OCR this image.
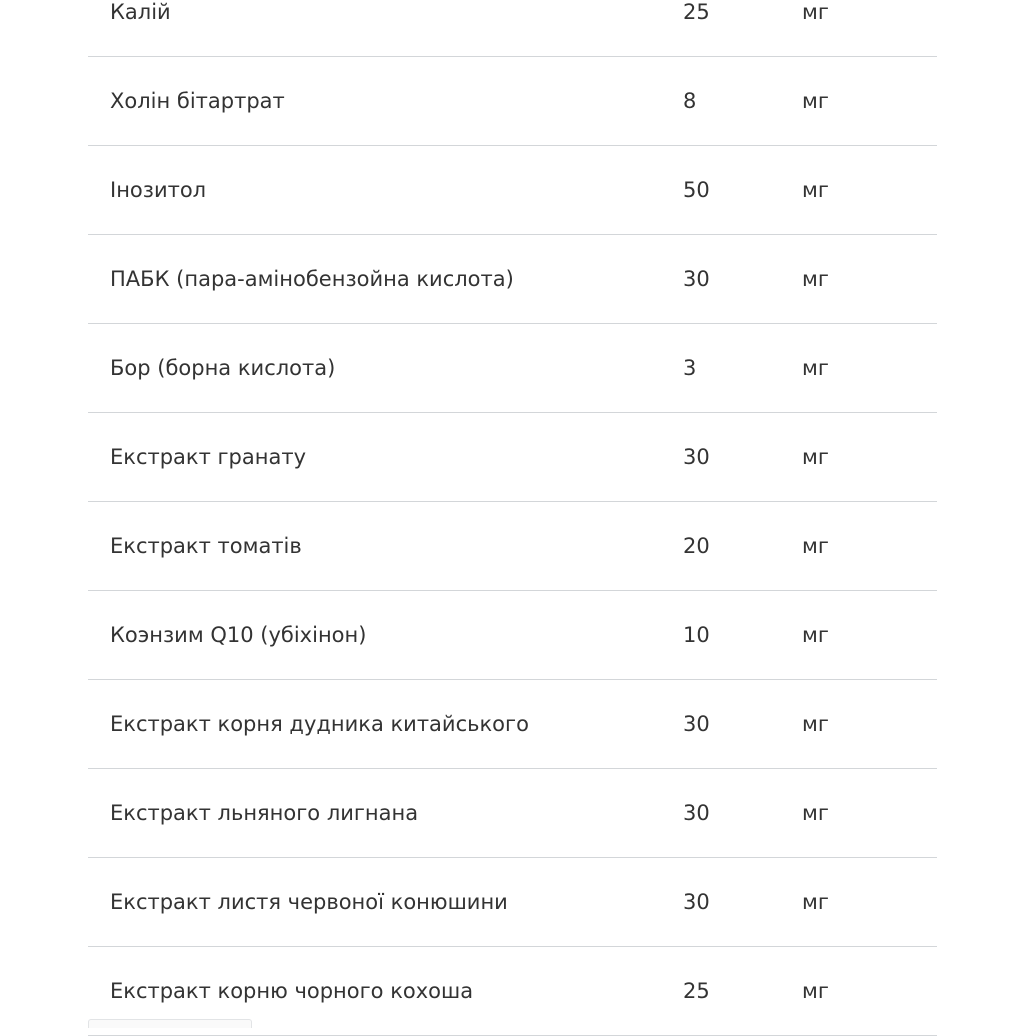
Калій	25	мг
Холін бітартрат	8	мг
Інозитол	50	мг
ПАБК (пара-амінобензойна кислота)	30	мг
Бор (борна кислота)	3	мг
Екстракт гранату	30	мг
Екстракт томатів	20	мг
Коэнзим Q10 (убіхінон)	10	мг
Екстракт корня дудника китайського	30	мг
Екстракт льняного лигнана	30	мг
Екстракт листя червоної конюшини	30	мг
Екстракт корню чорного кохоша	25	мг
